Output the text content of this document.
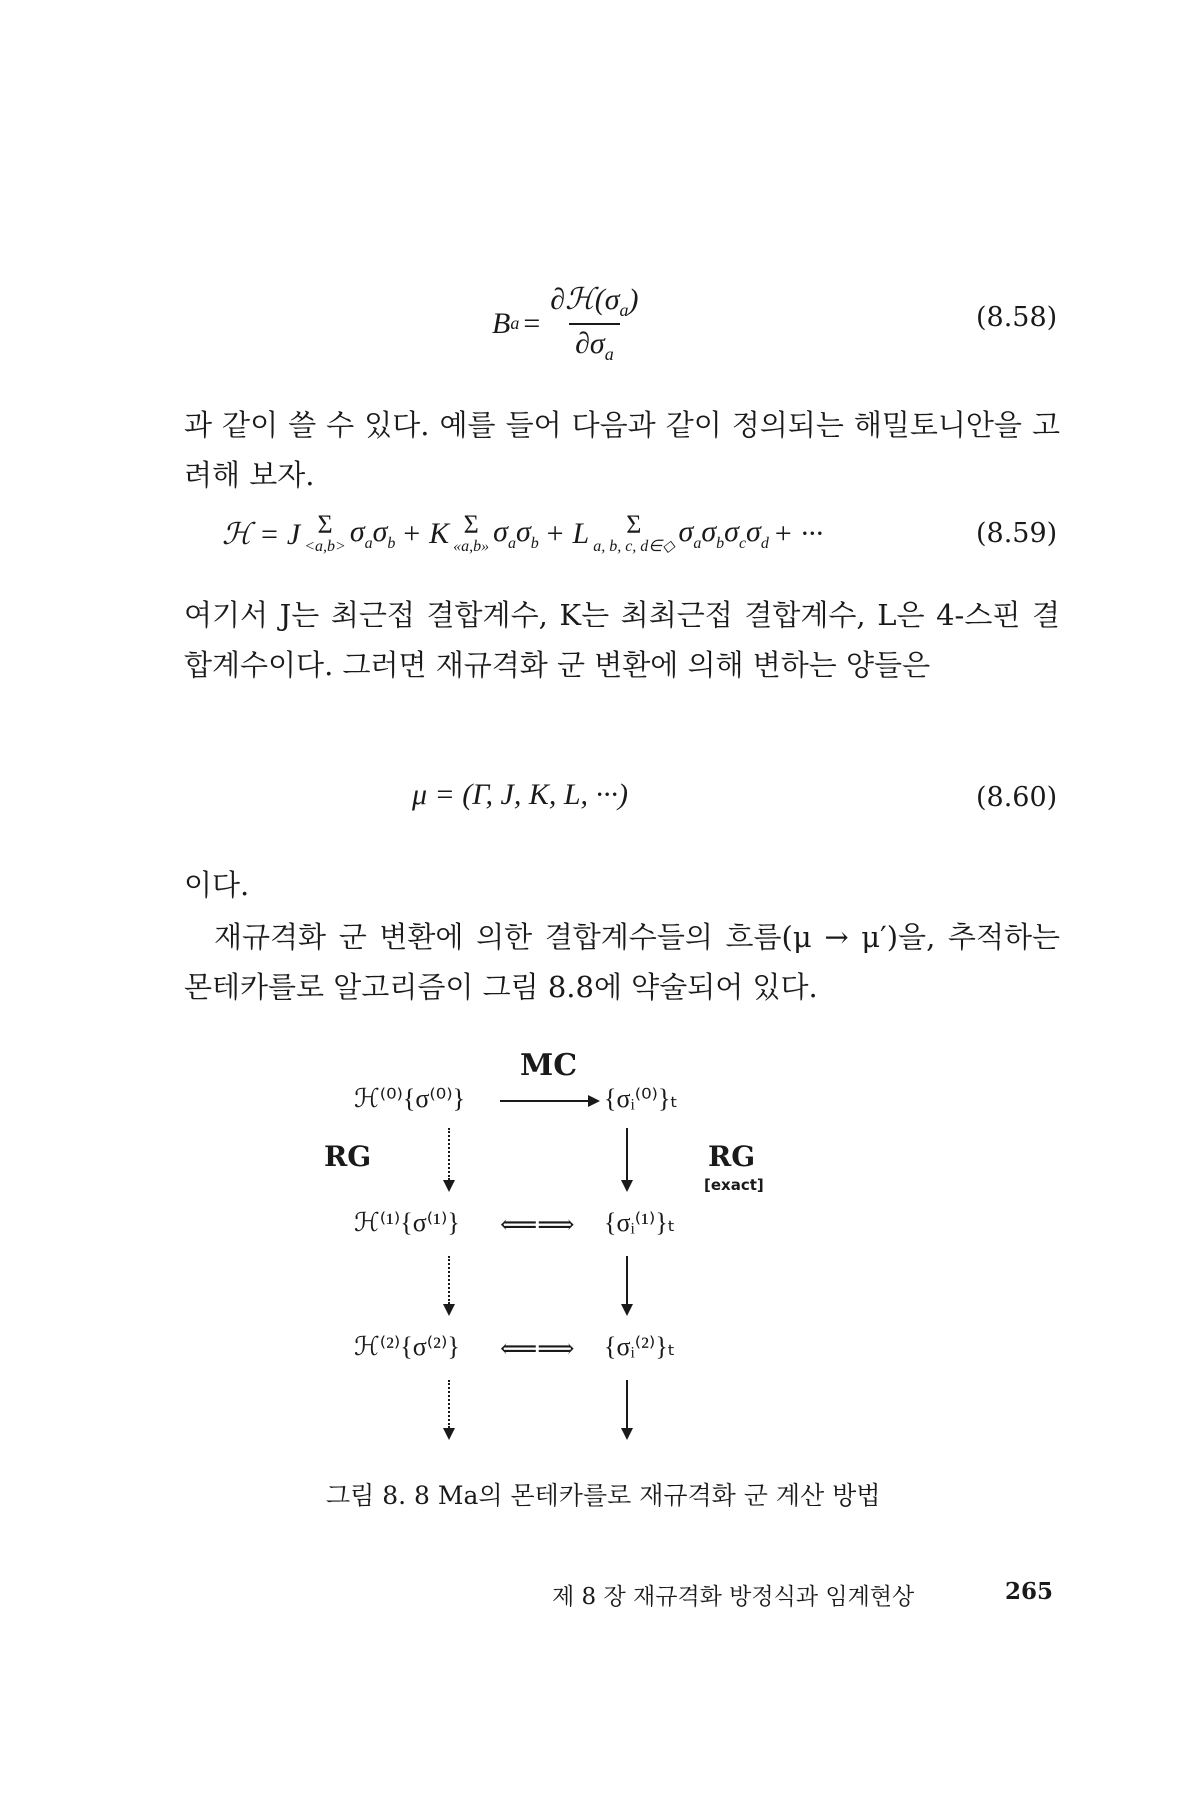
B $a = \frac{\partial ℋ(\sigma_a)}{\partial\sigma_a}$	(8.58)
과 같이 쓸 수 있다. 예를 들어 다음과 같이 정의되는 해밀토니안을 고려해 보자.
ℋ = J Σ
$<a,b> \sigma_a\sigma_b + K$ Σ
«a,b» $\sigma_a\sigma_b + L$ Σ
a, b, c, d∈◇ $\sigma_a\sigma_b\sigma_c\sigma_d$ + ···	(8.59)
여기서 J는 최근접 결합계수, K는 최최근접 결합계수, L은 4-스핀 결합계수이다. 그러면 재규격화 군 변환에 의해 변하는 양들은
μ = (Γ, J, K, L, ···)	(8.60)
이다.
재규격화 군 변환에 의한 결합계수들의 흐름(μ → μ′)을, 추적하는 몬테카를로 알고리즘이 그림 8.8에 약술되어 있다.
MC
ℋ⁽⁰⁾{σ⁽⁰⁾}	{σᵢ⁽⁰⁾}ₜ
RG	RG
[exact]
ℋ⁽¹⁾{σ⁽¹⁾} ⟸⟹ {σᵢ⁽¹⁾}ₜ
ℋ⁽²⁾{σ⁽²⁾} ⟸⟹ {σᵢ⁽²⁾}ₜ
그림 8. 8 Ma의 몬테카를로 재규격화 군 계산 방법
제 8 장 재규격화 방정식과 임계현상	265
